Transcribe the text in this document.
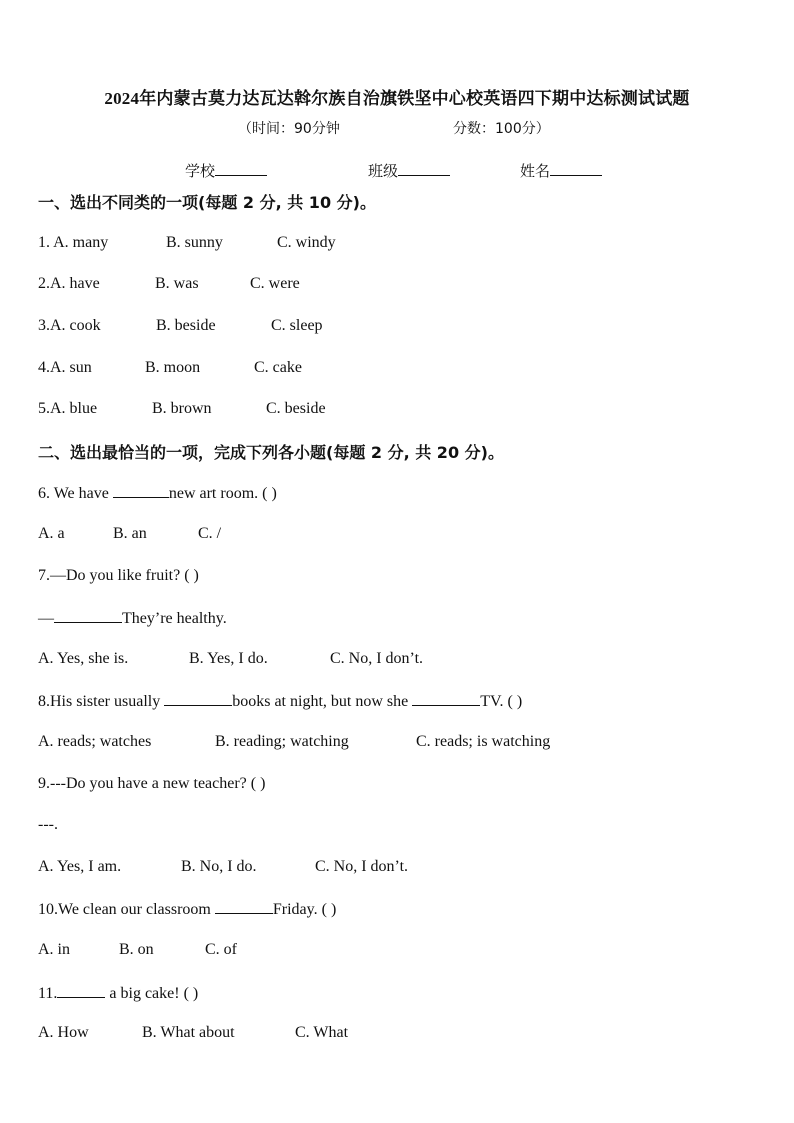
2024年内蒙古莫力达瓦达斡尔族自治旗铁坚中心校英语四下期中达标测试试题
（时间：90分钟	分数：100分）
学校	班级	姓名
一、选出不同类的一项(每题 2 分, 共 10 分)。
1. A. many	B. sunny	C. windy
2.A. have	B. was	C. were
3.A. cook	B. beside	C. sleep
4.A. sun	B. moon	C. cake
5.A. blue	B. brown	C. beside
二、选出最恰当的一项，完成下列各小题(每题 2 分, 共 20 分)。
6. We have	new art room. ( )
A. a	B. an	C. /
7.—Do you like fruit? ( )
—	They’re healthy.
A. Yes, she is.	B. Yes, I do.	C. No, I don’t.
8.His sister usually	books at night, but now she	TV. ( )
A. reads; watches	B. reading; watching	C. reads; is watching
9.---Do you have a new teacher? ( )
---.
A. Yes, I am.	B. No, I do.	C. No, I don’t.
10.We clean our classroom	Friday. ( )
A. in	B. on	C. of
11.	a big cake! ( )
A. How	B. What about	C. What
